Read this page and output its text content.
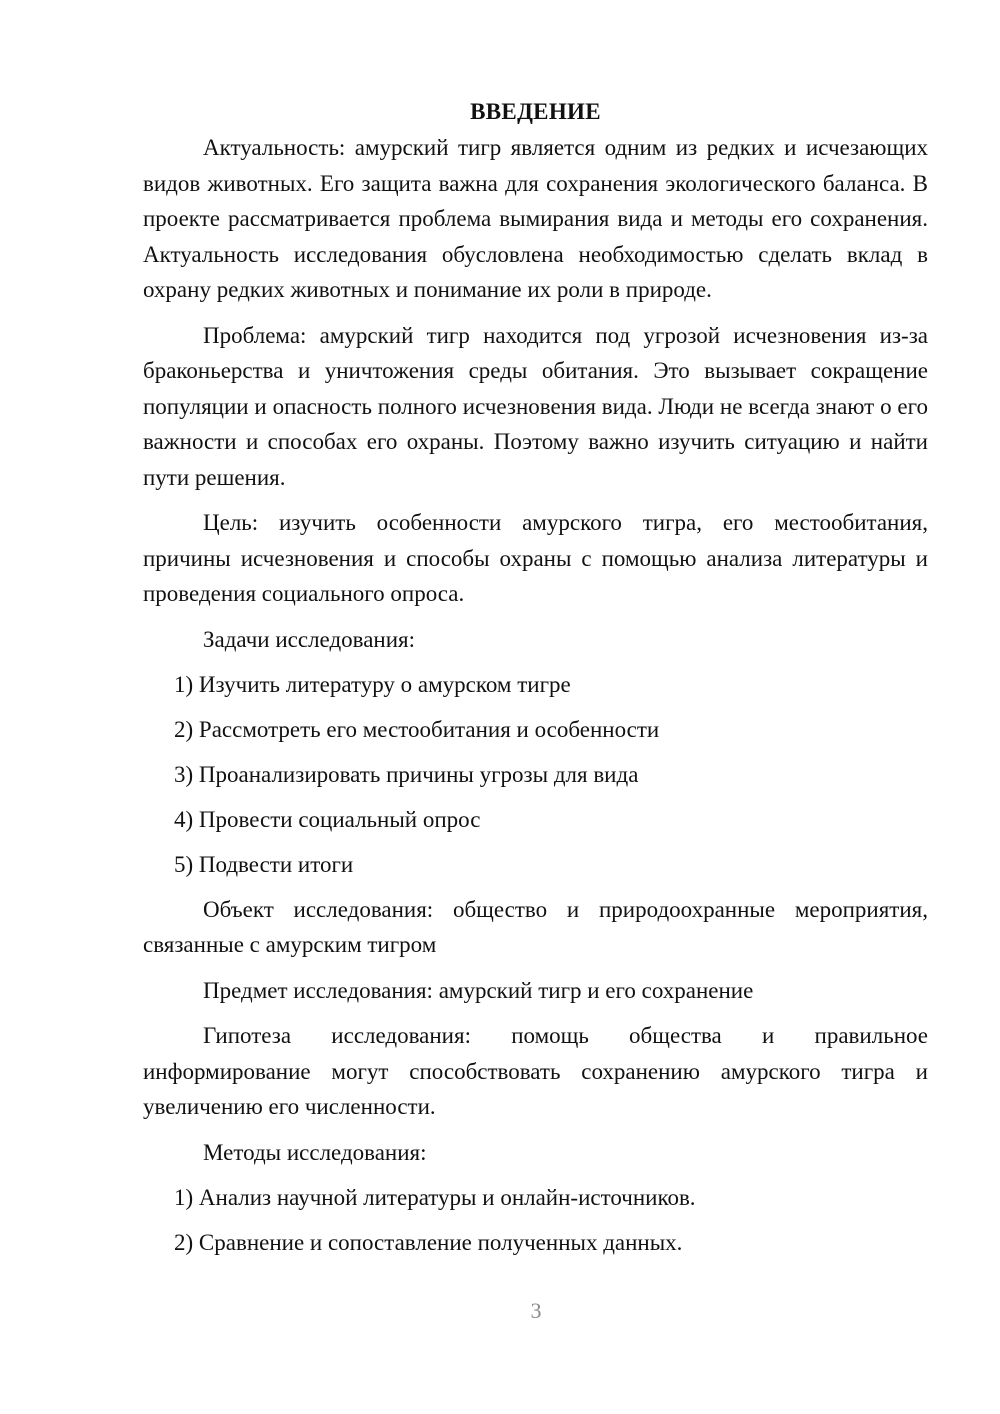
ВВЕДЕНИЕ

Актуальность: амурский тигр является одним из редких и исчезающих видов животных. Его защита важна для сохранения экологического баланса. В проекте рассматривается проблема вымирания вида и методы его сохранения. Актуальность исследования обусловлена необходимостью сделать вклад в охрану редких животных и понимание их роли в природе.

Проблема: амурский тигр находится под угрозой исчезновения из-за браконьерства и уничтожения среды обитания. Это вызывает сокращение популяции и опасность полного исчезновения вида. Люди не всегда знают о его важности и способах его охраны. Поэтому важно изучить ситуацию и найти пути решения.

Цель: изучить особенности амурского тигра, его местообитания, причины исчезновения и способы охраны с помощью анализа литературы и проведения социального опроса.

Задачи исследования:
1) Изучить литературу о амурском тигре
2) Рассмотреть его местообитания и особенности
3) Проанализировать причины угрозы для вида
4) Провести социальный опрос
5) Подвести итоги

Объект исследования: общество и природоохранные мероприятия, связанные с амурским тигром

Предмет исследования: амурский тигр и его сохранение

Гипотеза исследования: помощь общества и правильное информирование могут способствовать сохранению амурского тигра и увеличению его численности.

Методы исследования:
1) Анализ научной литературы и онлайн-источников.
2) Сравнение и сопоставление полученных данных.
3
